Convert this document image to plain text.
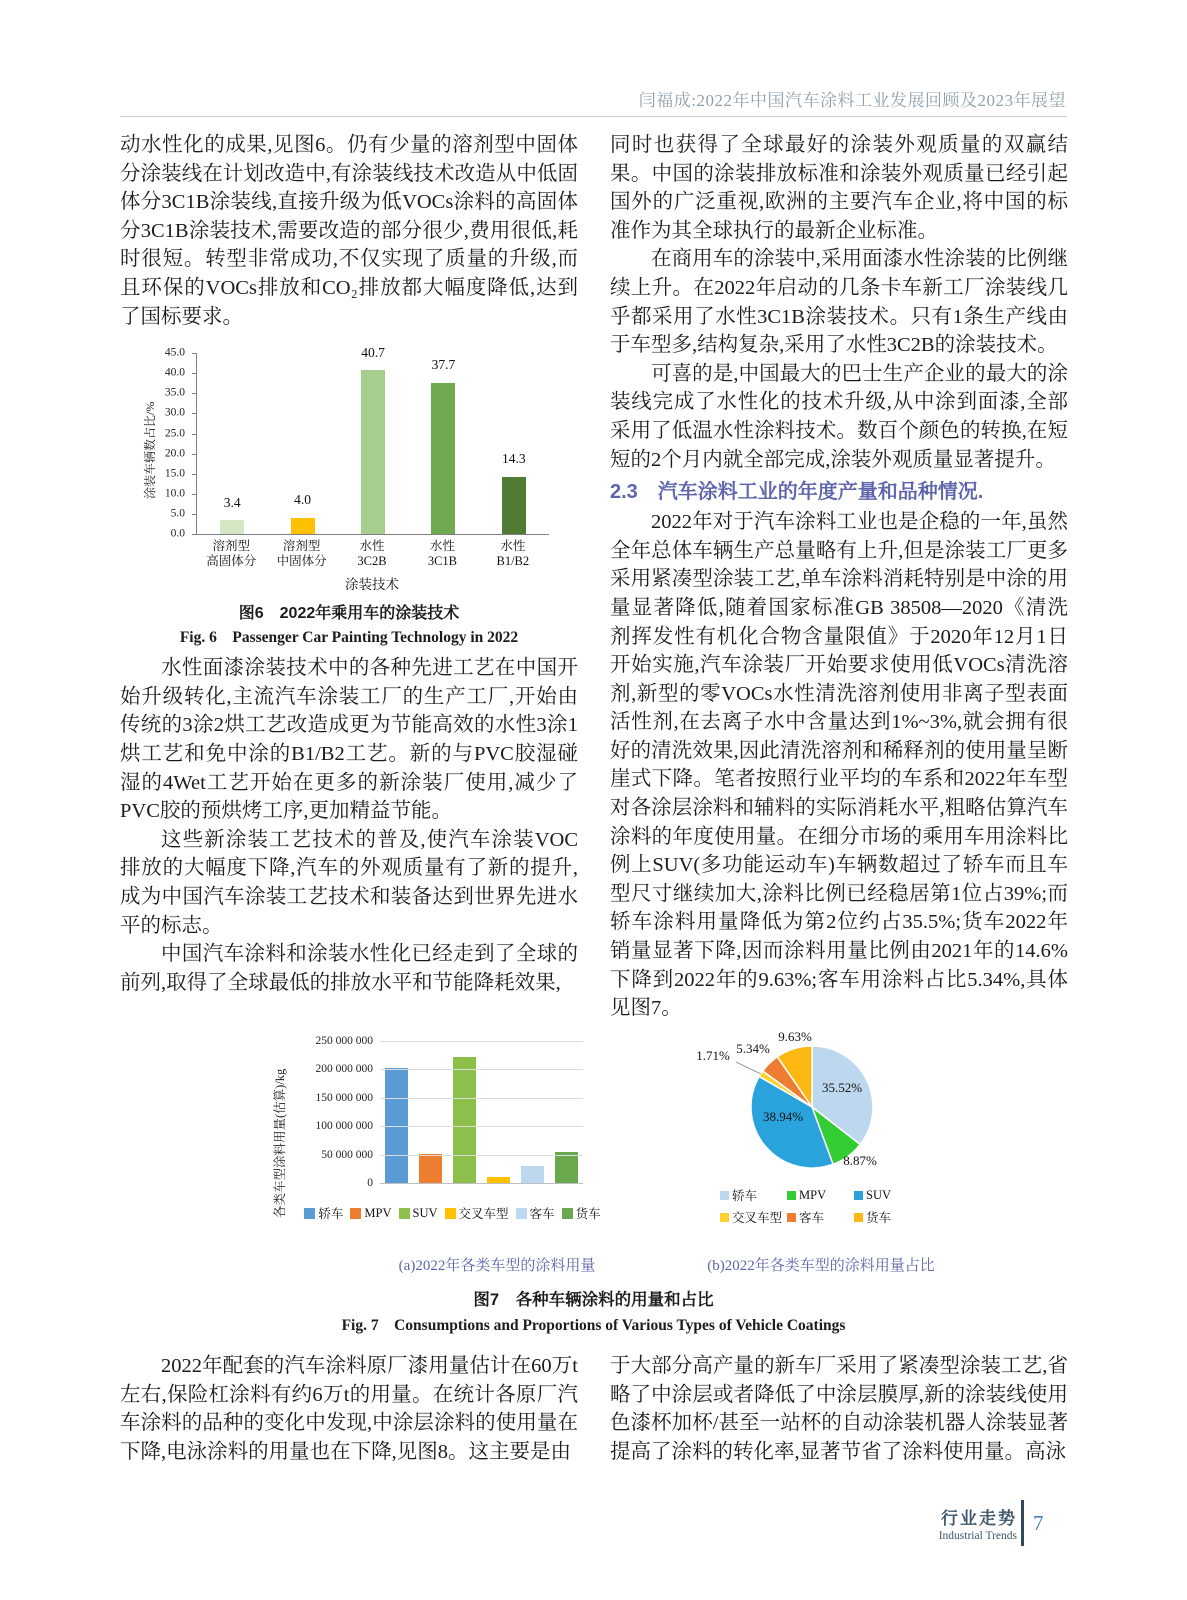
闫福成:2022年中国汽车涂料工业发展回顾及2023年展望

动水性化的成果,见图6。仍有少量的溶剂型中固体分涂装线在计划改造中,有涂装线技术改造从中低固体分3C1B涂装线,直接升级为低VOCs涂料的高固体分3C1B涂装技术,需要改造的部分很少,费用很低,耗时很短。转型非常成功,不仅实现了质量的升级,而且环保的VOCs排放和CO₂排放都大幅度降低,达到了国标要求。

涂装车辆数占比/%
45.0
40.0
35.0
30.0
25.0
20.0
15.0
10.0
5.0
0.0
3.4	4.0
40.7
37.7
14.3
溶剂型
高固体分
溶剂型
中固体分
水性
3C2B
水性
3C1B
水性
B1/B2
涂装技术
图6　2022年乘用车的涂装技术
Fig. 6　Passenger Car Painting Technology in 2022

水性面漆涂装技术中的各种先进工艺在中国开始升级转化,主流汽车涂装工厂的生产工厂,开始由传统的3涂2烘工艺改造成更为节能高效的水性3涂1烘工艺和免中涂的B1/B2工艺。新的与PVC胶湿碰湿的4Wet工艺开始在更多的新涂装厂使用,减少了PVC胶的预烘烤工序,更加精益节能。

这些新涂装工艺技术的普及,使汽车涂装VOC排放的大幅度下降,汽车的外观质量有了新的提升,成为中国汽车涂装工艺技术和装备达到世界先进水平的标志。

中国汽车涂料和涂装水性化已经走到了全球的前列,取得了全球最低的排放水平和节能降耗效果,

同时也获得了全球最好的涂装外观质量的双赢结果。中国的涂装排放标准和涂装外观质量已经引起国外的广泛重视,欧洲的主要汽车企业,将中国的标准作为其全球执行的最新企业标准。

在商用车的涂装中,采用面漆水性涂装的比例继续上升。在2022年启动的几条卡车新工厂涂装线几乎都采用了水性3C1B涂装技术。只有1条生产线由于车型多,结构复杂,采用了水性3C2B的涂装技术。

可喜的是,中国最大的巴士生产企业的最大的涂装线完成了水性化的技术升级,从中涂到面漆,全部采用了低温水性涂料技术。数百个颜色的转换,在短短的2个月内就全部完成,涂装外观质量显著提升。

2.3　汽车涂料工业的年度产量和品种情况.

2022年对于汽车涂料工业也是企稳的一年,虽然全年总体车辆生产总量略有上升,但是涂装工厂更多采用紧凑型涂装工艺,单车涂料消耗特别是中涂的用量显著降低,随着国家标准GB 38508—2020《清洗剂挥发性有机化合物含量限值》于2020年12月1日开始实施,汽车涂装厂开始要求使用低VOCs清洗溶剂,新型的零VOCs水性清洗溶剂使用非离子型表面活性剂,在去离子水中含量达到1%~3%,就会拥有很好的清洗效果,因此清洗溶剂和稀释剂的使用量呈断崖式下降。笔者按照行业平均的车系和2022年车型对各涂层涂料和辅料的实际消耗水平,粗略估算汽车涂料的年度使用量。在细分市场的乘用车用涂料比例上SUV(多功能运动车)车辆数超过了轿车而且车型尺寸继续加大,涂料比例已经稳居第1位占39%;而轿车涂料用量降低为第2位约占35.5%;货车2022年销量显著下降,因而涂料用量比例由2021年的14.6%下降到2022年的9.63%;客车用涂料占比5.34%,具体见图7。

各类车型涂料用量(估算)/kg
250 000 000
200 000 000
150 000 000
100 000 000
50 000 000
0
轿车 MPV SUV 交叉车型 客车 货车
35.52%
8.87%
38.94%
1.71% 5.34%
9.63%
轿车	MPV	SUV
交叉车型 客车	货车
(a)2022年各类车型的涂料用量	(b)2022年各类车型的涂料用量占比
图7　各种车辆涂料的用量和占比
Fig. 7　Consumptions and Proportions of Various Types of Vehicle Coatings

2022年配套的汽车涂料原厂漆用量估计在60万t左右,保险杠涂料有约6万t的用量。在统计各原厂汽车涂料的品种的变化中发现,中涂层涂料的使用量在下降,电泳涂料的用量也在下降,见图8。这主要是由

于大部分高产量的新车厂采用了紧凑型涂装工艺,省略了中涂层或者降低了中涂层膜厚,新的涂装线使用色漆杯加杯/甚至一站杯的自动涂装机器人涂装显著提高了涂料的转化率,显著节省了涂料使用量。高泳

行业走势
Industrial Trends
7
